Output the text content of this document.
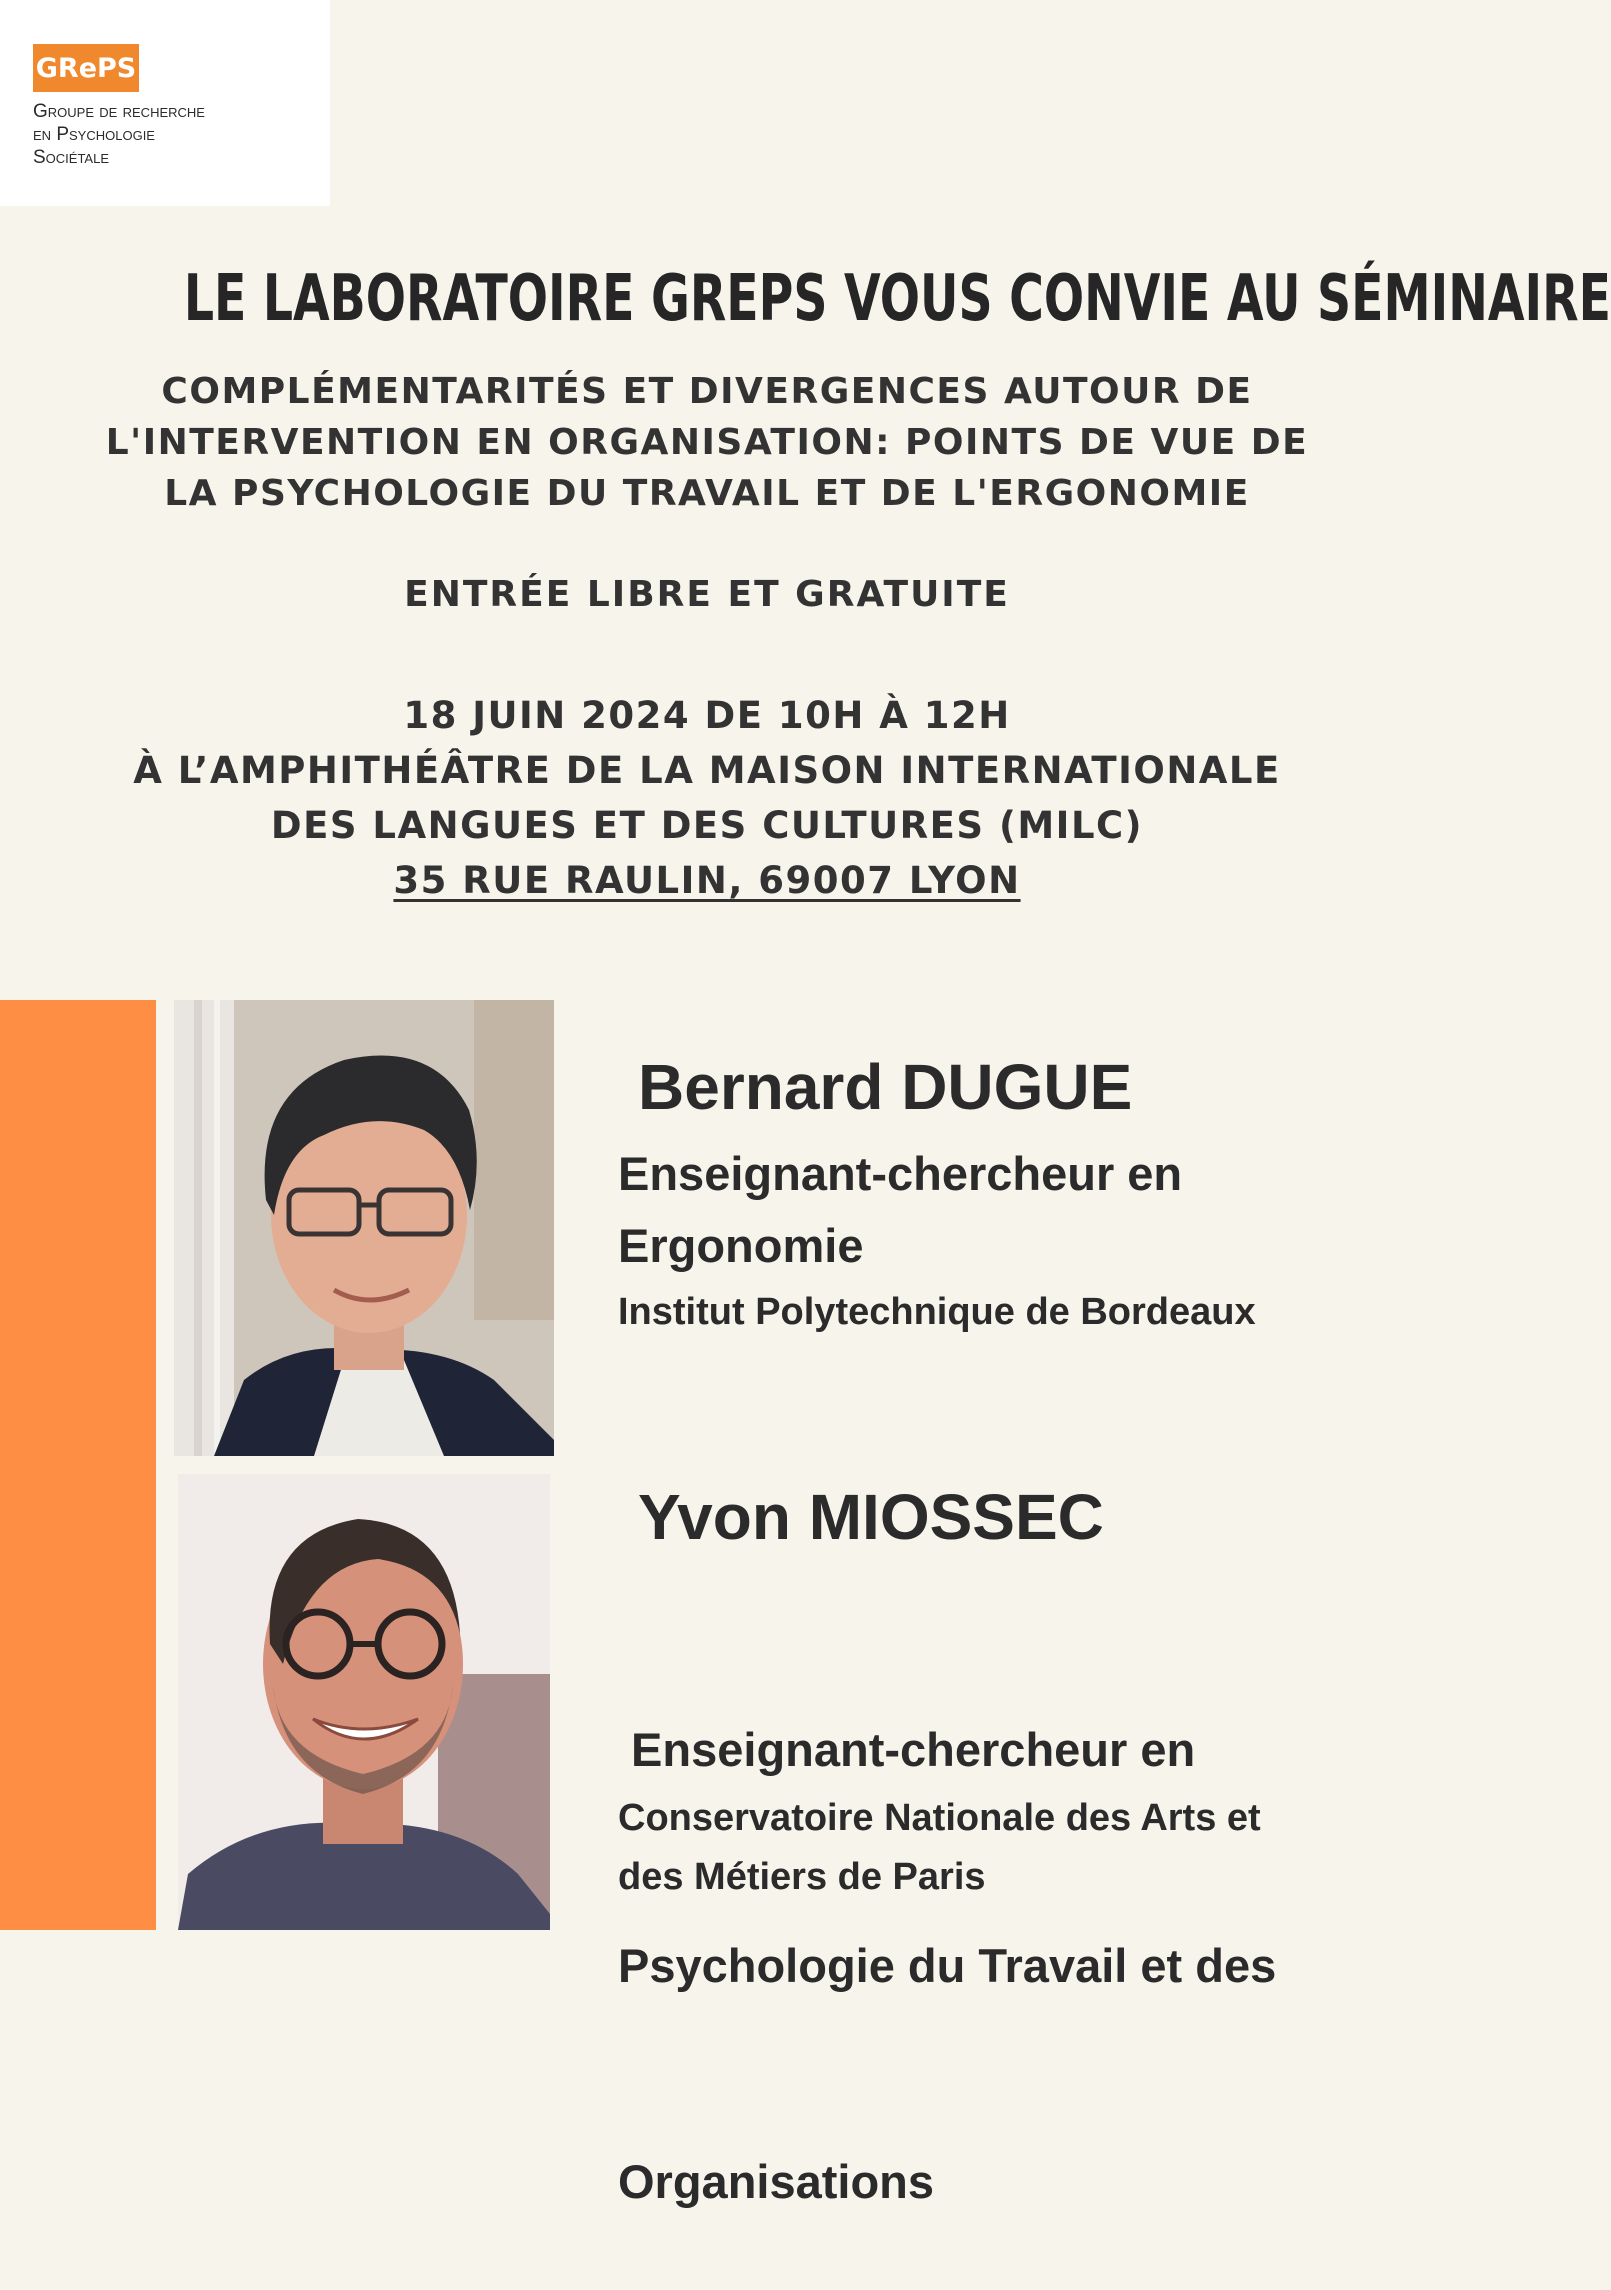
GRePS
Groupe de recherche
en Psychologie
Sociétale
LE LABORATOIRE GREPS VOUS CONVIE AU SÉMINAIRE
COMPLÉMENTARITÉS ET DIVERGENCES AUTOUR DE
L'INTERVENTION EN ORGANISATION: POINTS DE VUE DE
LA PSYCHOLOGIE DU TRAVAIL ET DE L'ERGONOMIE
ENTRÉE LIBRE ET GRATUITE
18 JUIN 2024 DE 10H À 12H
À L’AMPHITHÉÂTRE DE LA MAISON INTERNATIONALE
DES LANGUES ET DES CULTURES (MILC)
35 RUE RAULIN, 69007 LYON
Bernard DUGUE
Enseignant-chercheur en
Ergonomie
Institut Polytechnique de Bordeaux
Yvon MIOSSEC

Enseignant-chercheur en

Psychologie du Travail et des

Organisations

Conservatoire Nationale des Arts et
des Métiers de Paris
